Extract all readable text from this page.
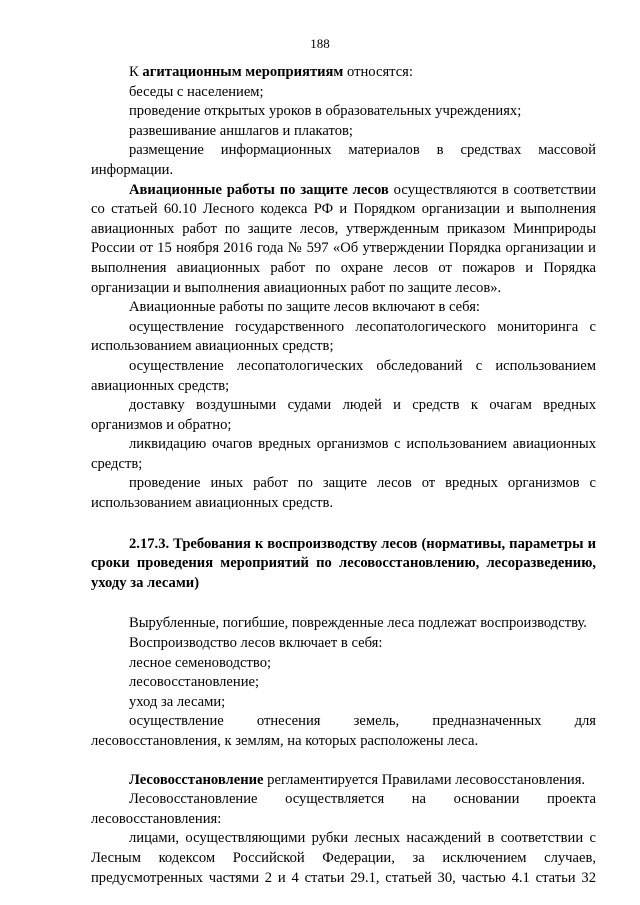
188

К агитационным мероприятиям относятся:

беседы с населением;

проведение открытых уроков в образовательных учреждениях;

развешивание аншлагов и плакатов;

размещение информационных материалов в средствах массовой информации.

Авиационные работы по защите лесов осуществляются в соответствии со статьей 60.10 Лесного кодекса РФ и Порядком организации и выполнения авиационных работ по защите лесов, утвержденным приказом Минприроды России от 15 ноября 2016 года № 597 «Об утверждении Порядка организации и выполнения авиационных работ по охране лесов от пожаров и Порядка организации и выполнения авиационных работ по защите лесов».

Авиационные работы по защите лесов включают в себя:

осуществление государственного лесопатологического мониторинга с использованием авиационных средств;

осуществление лесопатологических обследований с использованием авиационных средств;

доставку воздушными судами людей и средств к очагам вредных организмов и обратно;

ликвидацию очагов вредных организмов с использованием авиационных средств;

проведение иных работ по защите лесов от вредных организмов с использованием авиационных средств.

2.17.3. Требования к воспроизводству лесов (нормативы, параметры и сроки проведения мероприятий по лесовосстановлению, лесоразведению, уходу за лесами)

Вырубленные, погибшие, поврежденные леса подлежат воспроизводству.

Воспроизводство лесов включает в себя:

лесное семеноводство;

лесовосстановление;

уход за лесами;

осуществление отнесения земель, предназначенных для лесовосстановления, к землям, на которых расположены леса.

Лесовосстановление регламентируется Правилами лесовосстановления.

Лесовосстановление осуществляется на основании проекта лесовосстановления:

лицами, осуществляющими рубки лесных насаждений в соответствии с Лесным кодексом Российской Федерации, за исключением случаев, предусмотренных частями 2 и 4 статьи 29.1, статьей 30, частью 4.1 статьи 32
